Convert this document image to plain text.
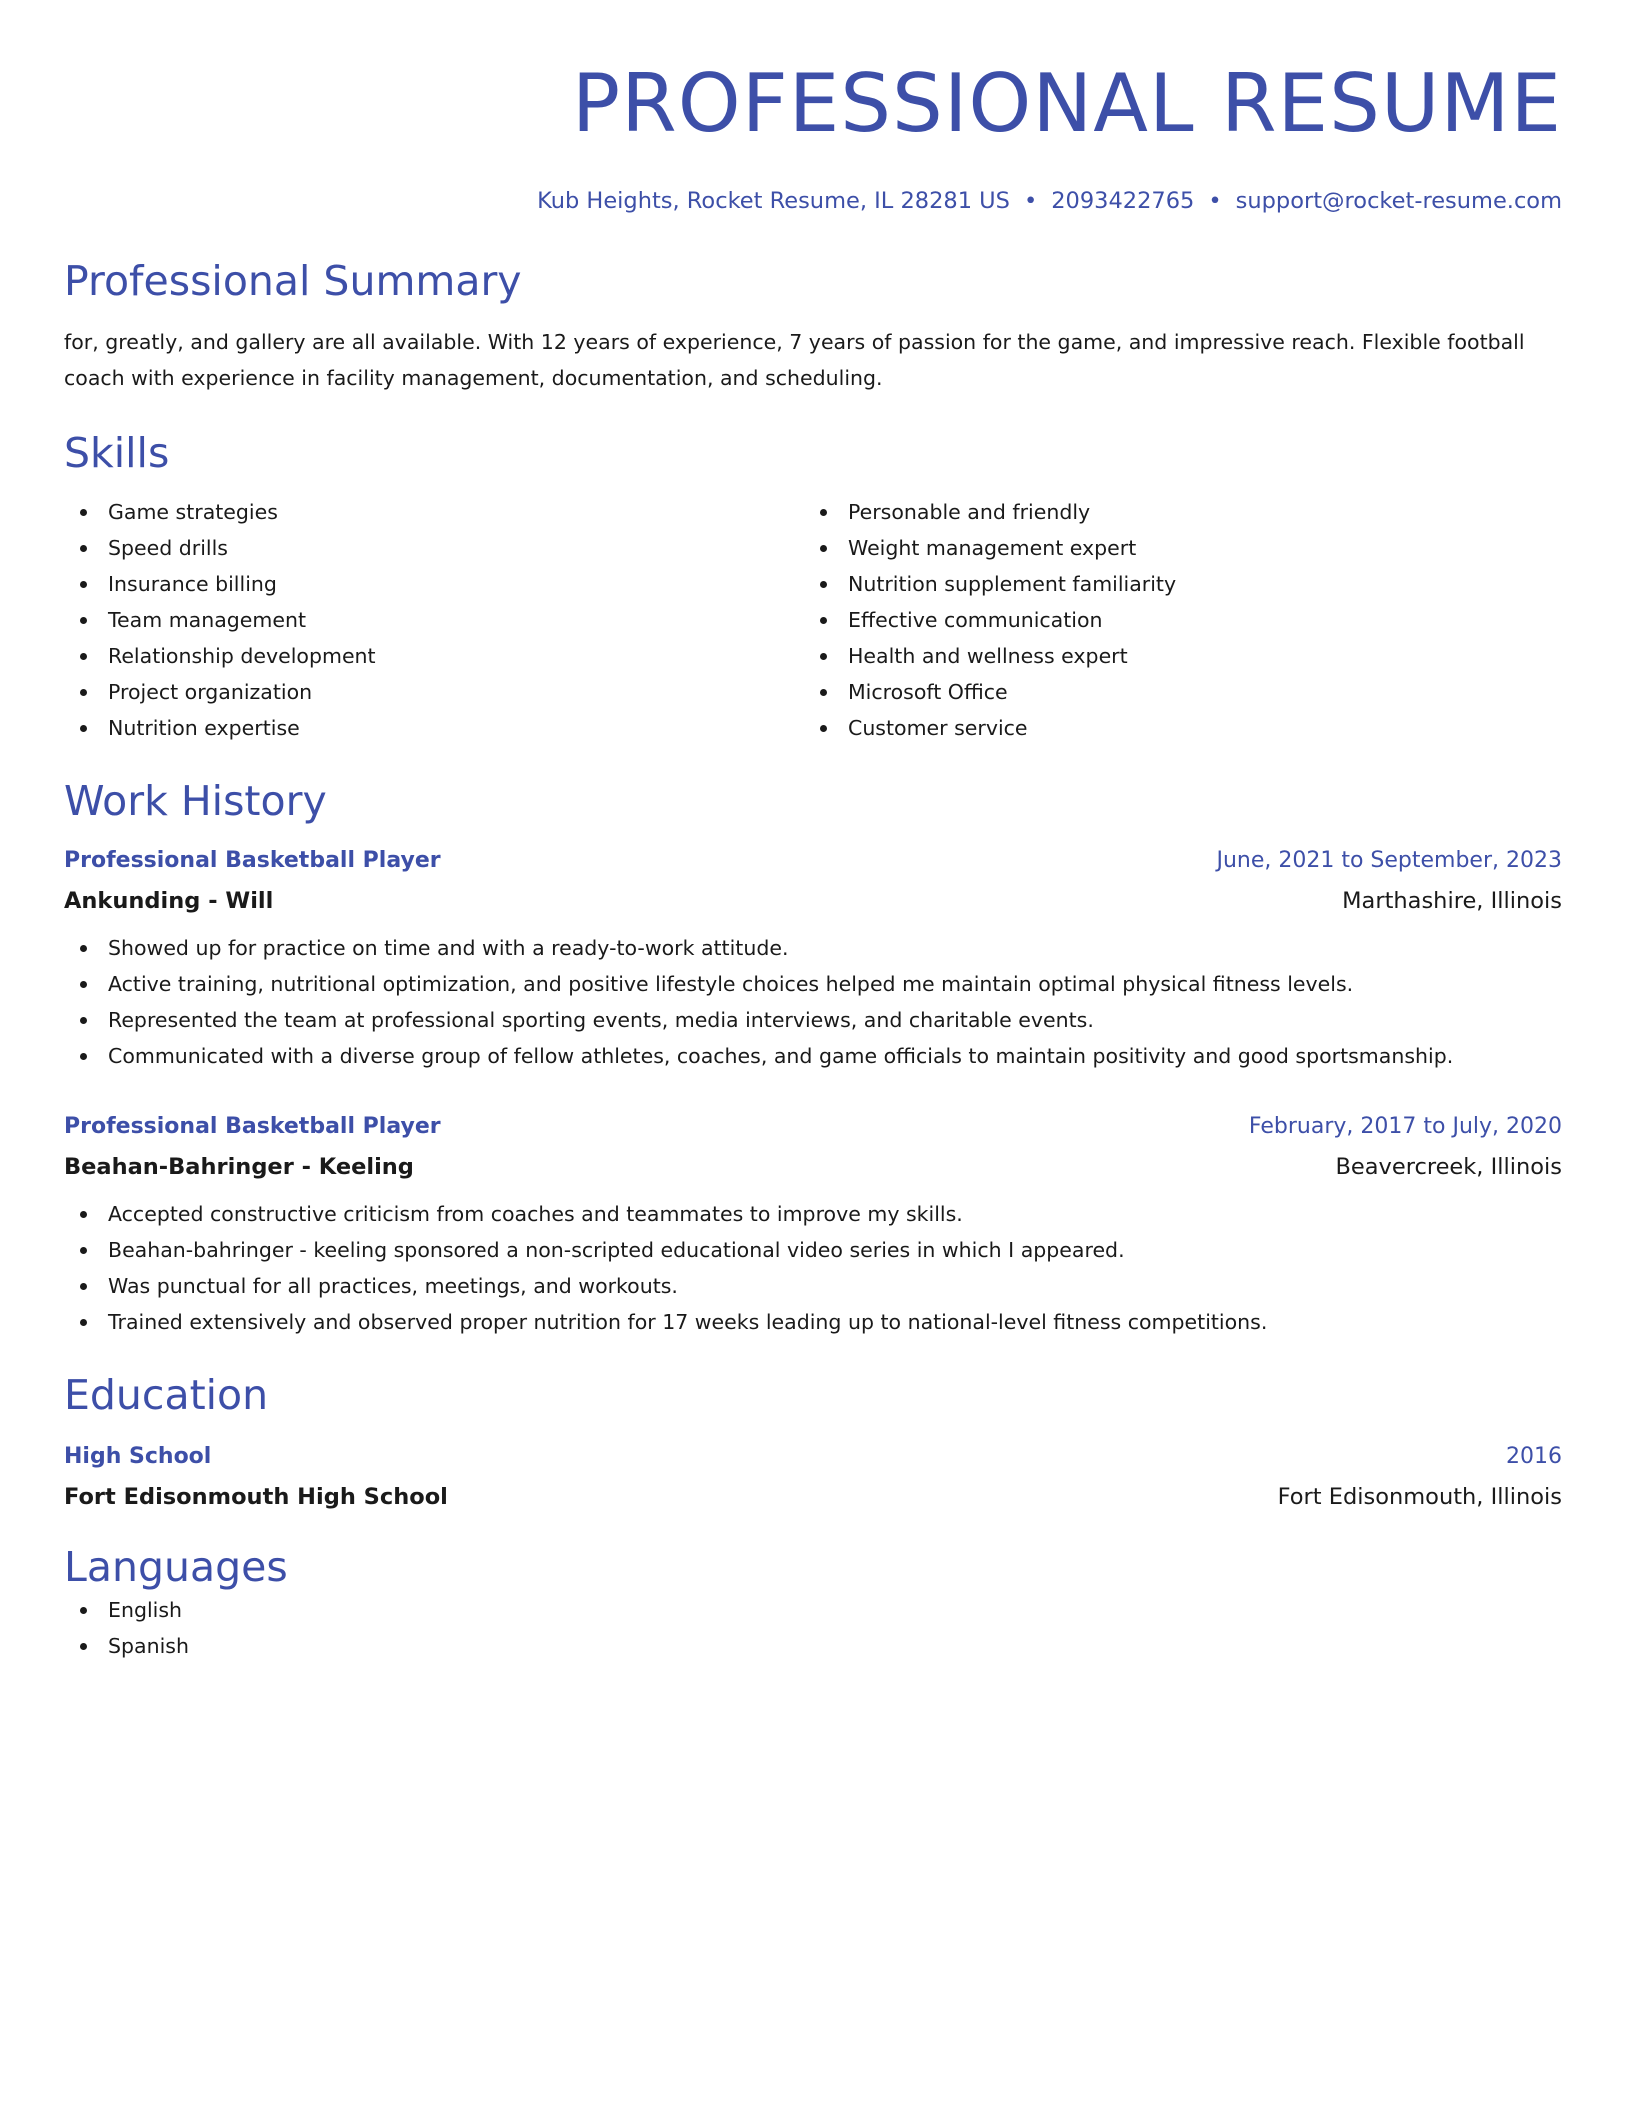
PROFESSIONAL RESUME
Kub Heights, Rocket Resume, IL 28281 US • 2093422765 • support@rocket-resume.com
Professional Summary
for, greatly, and gallery are all available. With 12 years of experience, 7 years of passion for the game, and impressive reach. Flexible football coach with experience in facility management, documentation, and scheduling.
Skills
Game strategies
Speed drills
Insurance billing
Team management
Relationship development
Project organization
Nutrition expertise
Personable and friendly
Weight management expert
Nutrition supplement familiarity
Effective communication
Health and wellness expert
Microsoft Office
Customer service
Work History
Professional Basketball Player	June, 2021 to September, 2023
Ankunding - Will	Marthashire, Illinois
Showed up for practice on time and with a ready-to-work attitude.
Active training, nutritional optimization, and positive lifestyle choices helped me maintain optimal physical fitness levels.
Represented the team at professional sporting events, media interviews, and charitable events.
Communicated with a diverse group of fellow athletes, coaches, and game officials to maintain positivity and good sportsmanship.
Professional Basketball Player	February, 2017 to July, 2020
Beahan-Bahringer - Keeling	Beavercreek, Illinois
Accepted constructive criticism from coaches and teammates to improve my skills.
Beahan-bahringer - keeling sponsored a non-scripted educational video series in which I appeared.
Was punctual for all practices, meetings, and workouts.
Trained extensively and observed proper nutrition for 17 weeks leading up to national-level fitness competitions.
Education
High School	2016
Fort Edisonmouth High School	Fort Edisonmouth, Illinois
Languages
English
Spanish
